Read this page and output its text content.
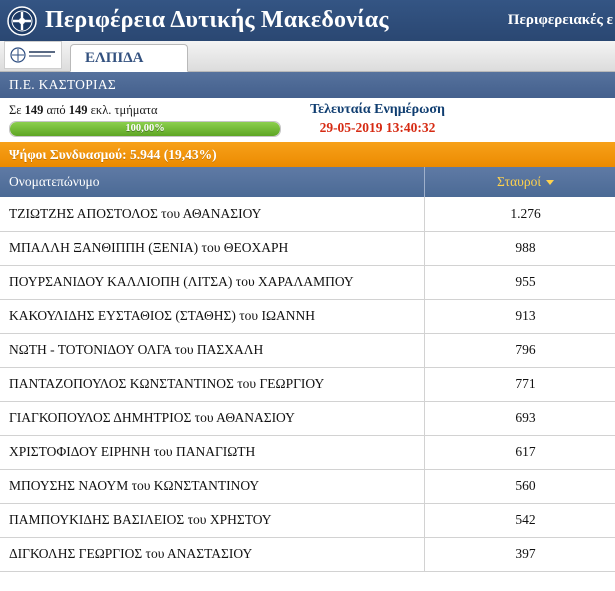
Περιφέρεια Δυτικής Μακεδονίας	Περιφερειακές ε
ΕΛΠΙΔΑ
Π.Ε. ΚΑΣΤΟΡΙΑΣ
Σε 149 από 149 εκλ. τμήματα
100,00%
Τελευταία Ενημέρωση
29-05-2019 13:40:32
Ψήφοι Συνδυασμού: 5.944 (19,43%)
Ονοματεπώνυμο	Σταυροί
ΤΖΙΩΤΖΗΣ ΑΠΟΣΤΟΛΟΣ του ΑΘΑΝΑΣΙΟΥ	1.276
ΜΠΑΛΛΗ ΞΑΝΘΙΠΠΗ (ΞΕΝΙΑ) του ΘΕΟΧΑΡΗ	988
ΠΟΥΡΣΑΝΙΔΟΥ ΚΑΛΛΙΟΠΗ (ΛΙΤΣΑ) του ΧΑΡΑΛΑΜΠΟΥ	955
ΚΑΚΟΥΛΙΔΗΣ ΕΥΣΤΑΘΙΟΣ (ΣΤΑΘΗΣ) του ΙΩΑΝΝΗ	913
ΝΩΤΗ - ΤΟΤΟΝΙΔΟΥ ΟΛΓΑ του ΠΑΣΧΑΛΗ	796
ΠΑΝΤΑΖΟΠΟΥΛΟΣ ΚΩΝΣΤΑΝΤΙΝΟΣ του ΓΕΩΡΓΙΟΥ	771
ΓΙΑΓΚΟΠΟΥΛΟΣ ΔΗΜΗΤΡΙΟΣ του ΑΘΑΝΑΣΙΟΥ	693
ΧΡΙΣΤΟΦΙΔΟΥ ΕΙΡΗΝΗ του ΠΑΝΑΓΙΩΤΗ	617
ΜΠΟΥΣΗΣ ΝΑΟΥΜ του ΚΩΝΣΤΑΝΤΙΝΟΥ	560
ΠΑΜΠΟΥΚΙΔΗΣ ΒΑΣΙΛΕΙΟΣ του ΧΡΗΣΤΟΥ	542
ΔΙΓΚΟΛΗΣ ΓΕΩΡΓΙΟΣ του ΑΝΑΣΤΑΣΙΟΥ	397
